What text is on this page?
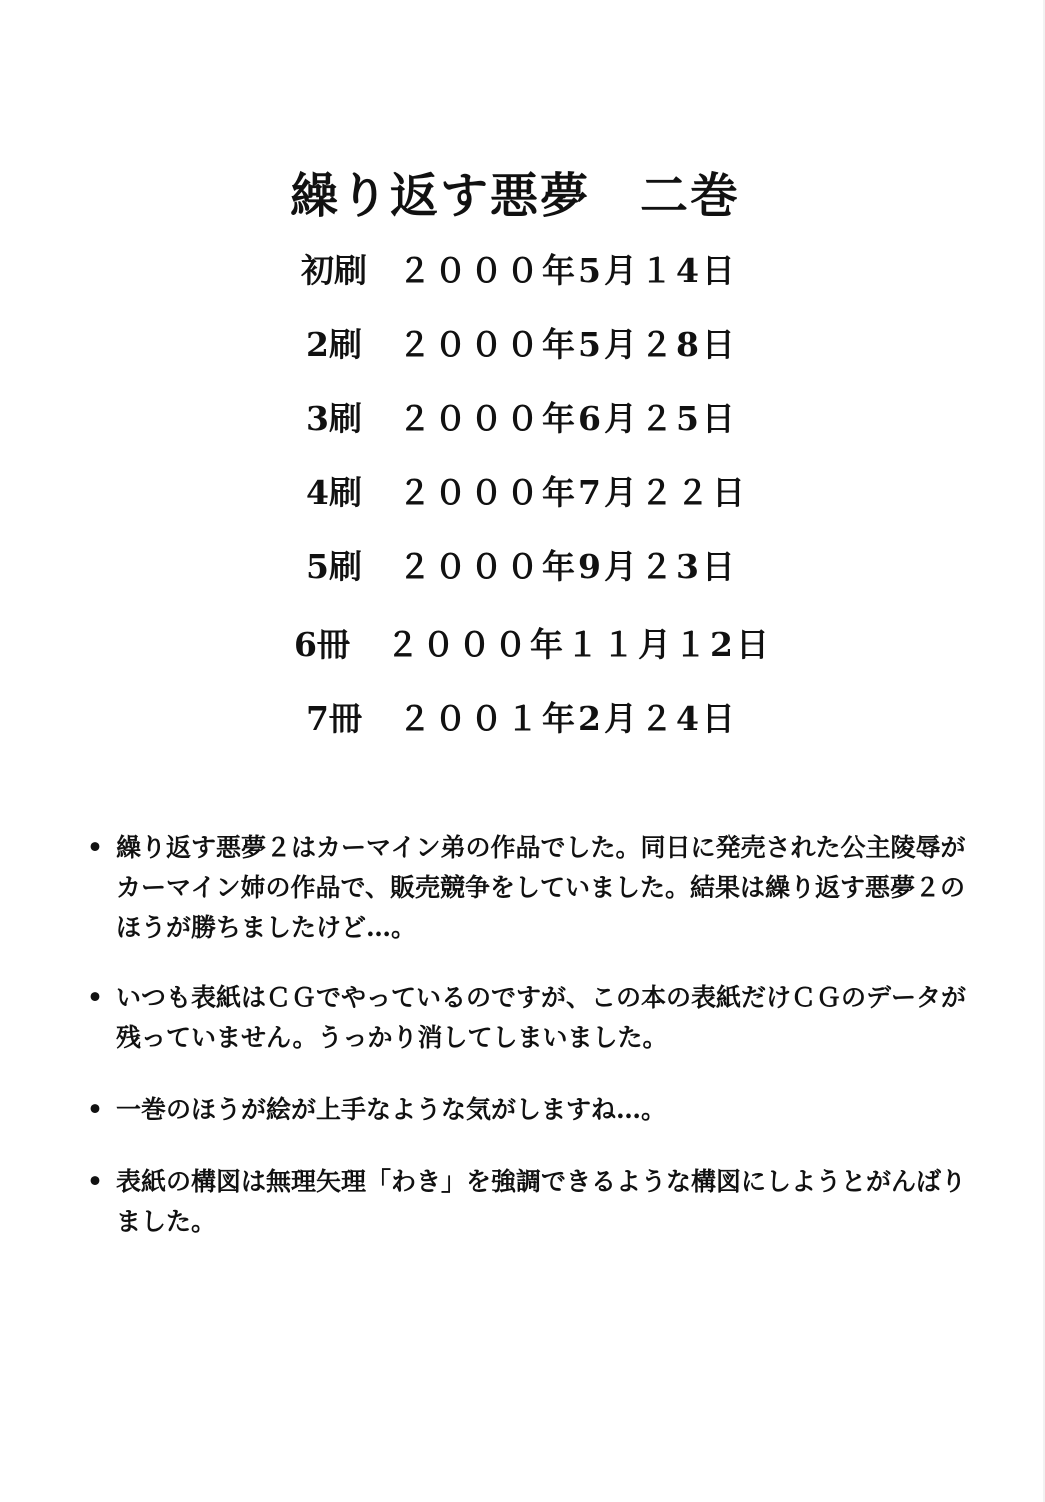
繰り返す悪夢　二巻
初刷 ２０００年5月１4日
2刷	２０００年5月２8日
3刷	２０００年6月２5日
4刷	２０００年7月２２日
5刷	２０００年9月２3日
6冊	２０００年１１月１2日
7冊	２００１年2月２4日
• 繰り返す悪夢２はカーマイン弟の作品でした。同日に発売された公主陵辱が
カーマイン姉の作品で、販売競争をしていました。結果は繰り返す悪夢２の
ほうが勝ちましたけど…。
• いつも表紙はＣＧでやっているのですが、この本の表紙だけＣＧのデータが
残っていません。うっかり消してしまいました。
• 一巻のほうが絵が上手なような気がしますね…。
• 表紙の構図は無理矢理「わき」を強調できるような構図にしようとがんばり
ました。
